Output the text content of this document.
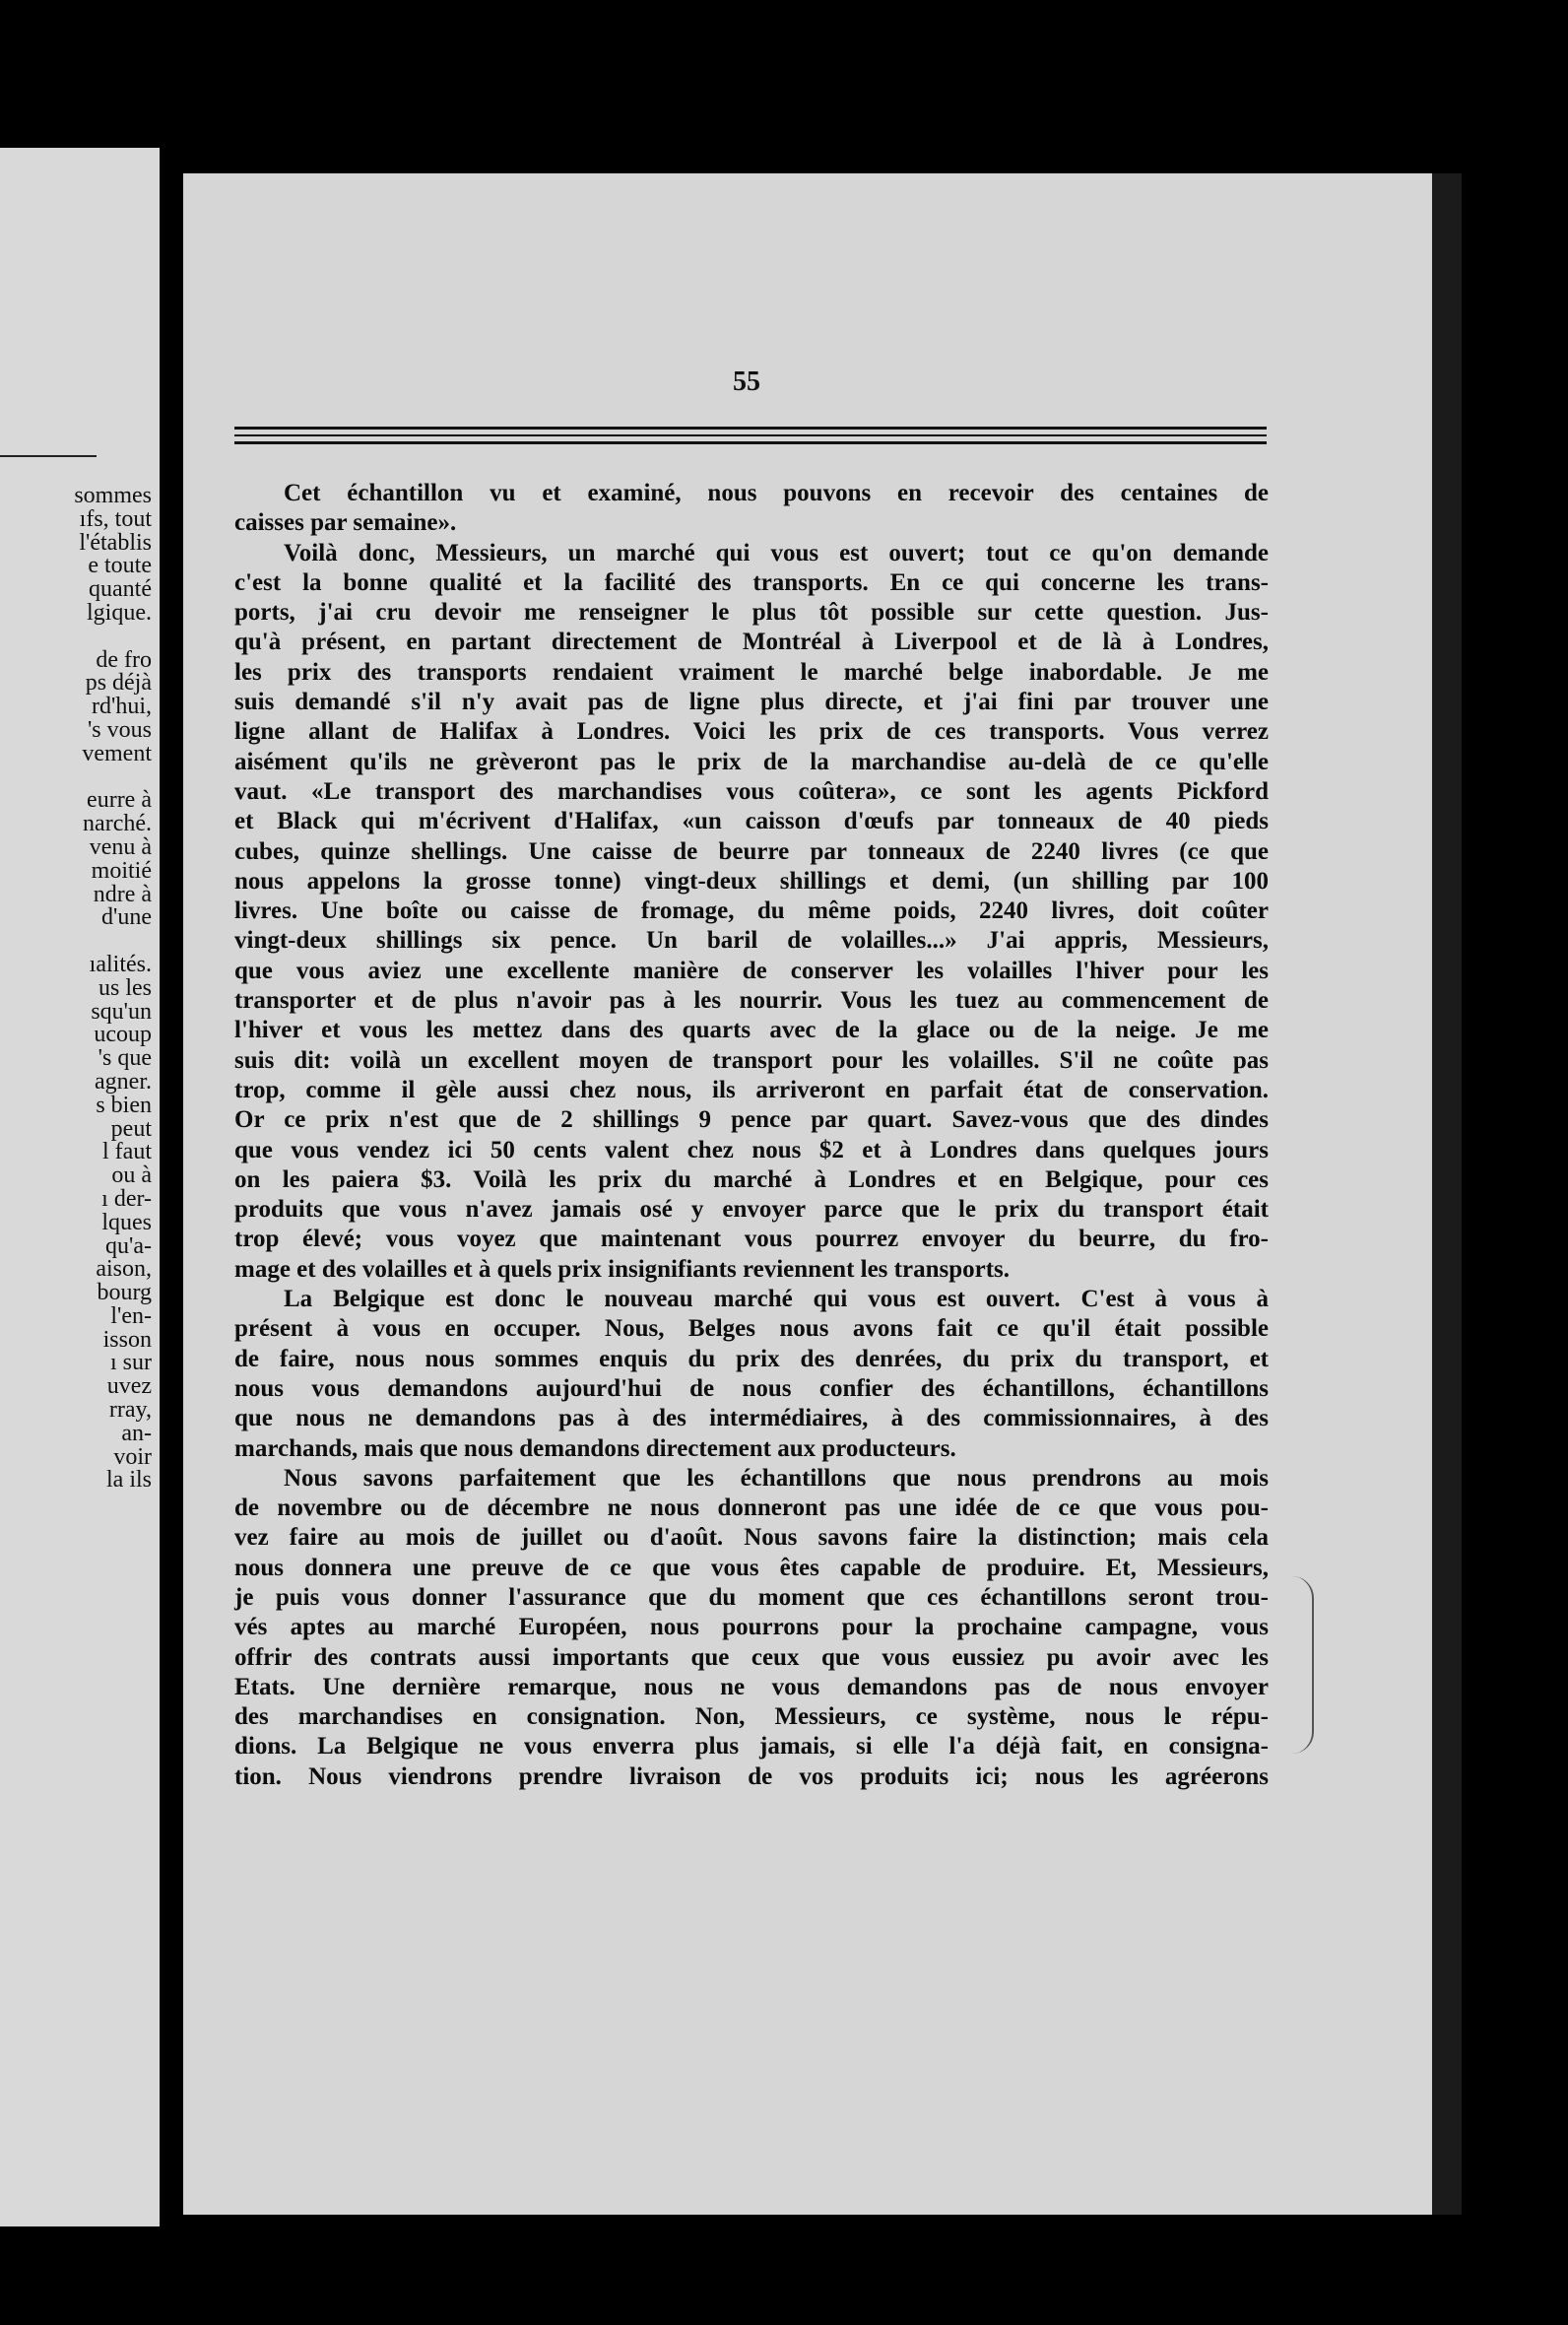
sommes
ıfs, tout
l'établis
e toute
quanté
lgique.
de fro
ps déjà
rd'hui,
's vous
vement
eurre à
narché.
venu à
moitié
ndre à
d'une
ıalités.
us les
squ'un
ucoup
's que
agner.
s bien
peut
l faut
ou à
ı der-
lques
qu'a-
aison,
bourg
l'en-
isson
ı sur
uvez
rray,
an-
voir
la ils
55
Cet échantillon vu et examiné, nous pouvons en recevoir des centaines de
caisses par semaine».
Voilà donc, Messieurs, un marché qui vous est ouvert; tout ce qu'on demande
c'est la bonne qualité et la facilité des transports. En ce qui concerne les trans-
ports, j'ai cru devoir me renseigner le plus tôt possible sur cette question. Jus-
qu'à présent, en partant directement de Montréal à Liverpool et de là à Londres,
les prix des transports rendaient vraiment le marché belge inabordable. Je me
suis demandé s'il n'y avait pas de ligne plus directe, et j'ai fini par trouver une
ligne allant de Halifax à Londres. Voici les prix de ces transports. Vous verrez
aisément qu'ils ne grèveront pas le prix de la marchandise au-delà de ce qu'elle
vaut. «Le transport des marchandises vous coûtera», ce sont les agents Pickford
et Black qui m'écrivent d'Halifax, «un caisson d'œufs par tonneaux de 40 pieds
cubes, quinze shellings. Une caisse de beurre par tonneaux de 2240 livres (ce que
nous appelons la grosse tonne) vingt-deux shillings et demi, (un shilling par 100
livres. Une boîte ou caisse de fromage, du même poids, 2240 livres, doit coûter
vingt-deux shillings six pence. Un baril de volailles...» J'ai appris, Messieurs,
que vous aviez une excellente manière de conserver les volailles l'hiver pour les
transporter et de plus n'avoir pas à les nourrir. Vous les tuez au commencement de
l'hiver et vous les mettez dans des quarts avec de la glace ou de la neige. Je me
suis dit: voilà un excellent moyen de transport pour les volailles. S'il ne coûte pas
trop, comme il gèle aussi chez nous, ils arriveront en parfait état de conservation.
Or ce prix n'est que de 2 shillings 9 pence par quart. Savez-vous que des dindes
que vous vendez ici 50 cents valent chez nous $2 et à Londres dans quelques jours
on les paiera $3. Voilà les prix du marché à Londres et en Belgique, pour ces
produits que vous n'avez jamais osé y envoyer parce que le prix du transport était
trop élevé; vous voyez que maintenant vous pourrez envoyer du beurre, du fro-
mage et des volailles et à quels prix insignifiants reviennent les transports.
La Belgique est donc le nouveau marché qui vous est ouvert. C'est à vous à
présent à vous en occuper. Nous, Belges nous avons fait ce qu'il était possible
de faire, nous nous sommes enquis du prix des denrées, du prix du transport, et
nous vous demandons aujourd'hui de nous confier des échantillons, échantillons
que nous ne demandons pas à des intermédiaires, à des commissionnaires, à des
marchands, mais que nous demandons directement aux producteurs.
Nous savons parfaitement que les échantillons que nous prendrons au mois
de novembre ou de décembre ne nous donneront pas une idée de ce que vous pou-
vez faire au mois de juillet ou d'août. Nous savons faire la distinction; mais cela
nous donnera une preuve de ce que vous êtes capable de produire. Et, Messieurs,
je puis vous donner l'assurance que du moment que ces échantillons seront trou-
vés aptes au marché Européen, nous pourrons pour la prochaine campagne, vous
offrir des contrats aussi importants que ceux que vous eussiez pu avoir avec les
Etats. Une dernière remarque, nous ne vous demandons pas de nous envoyer
des marchandises en consignation. Non, Messieurs, ce système, nous le répu-
dions. La Belgique ne vous enverra plus jamais, si elle l'a déjà fait, en consigna-
tion. Nous viendrons prendre livraison de vos produits ici; nous les agréerons
